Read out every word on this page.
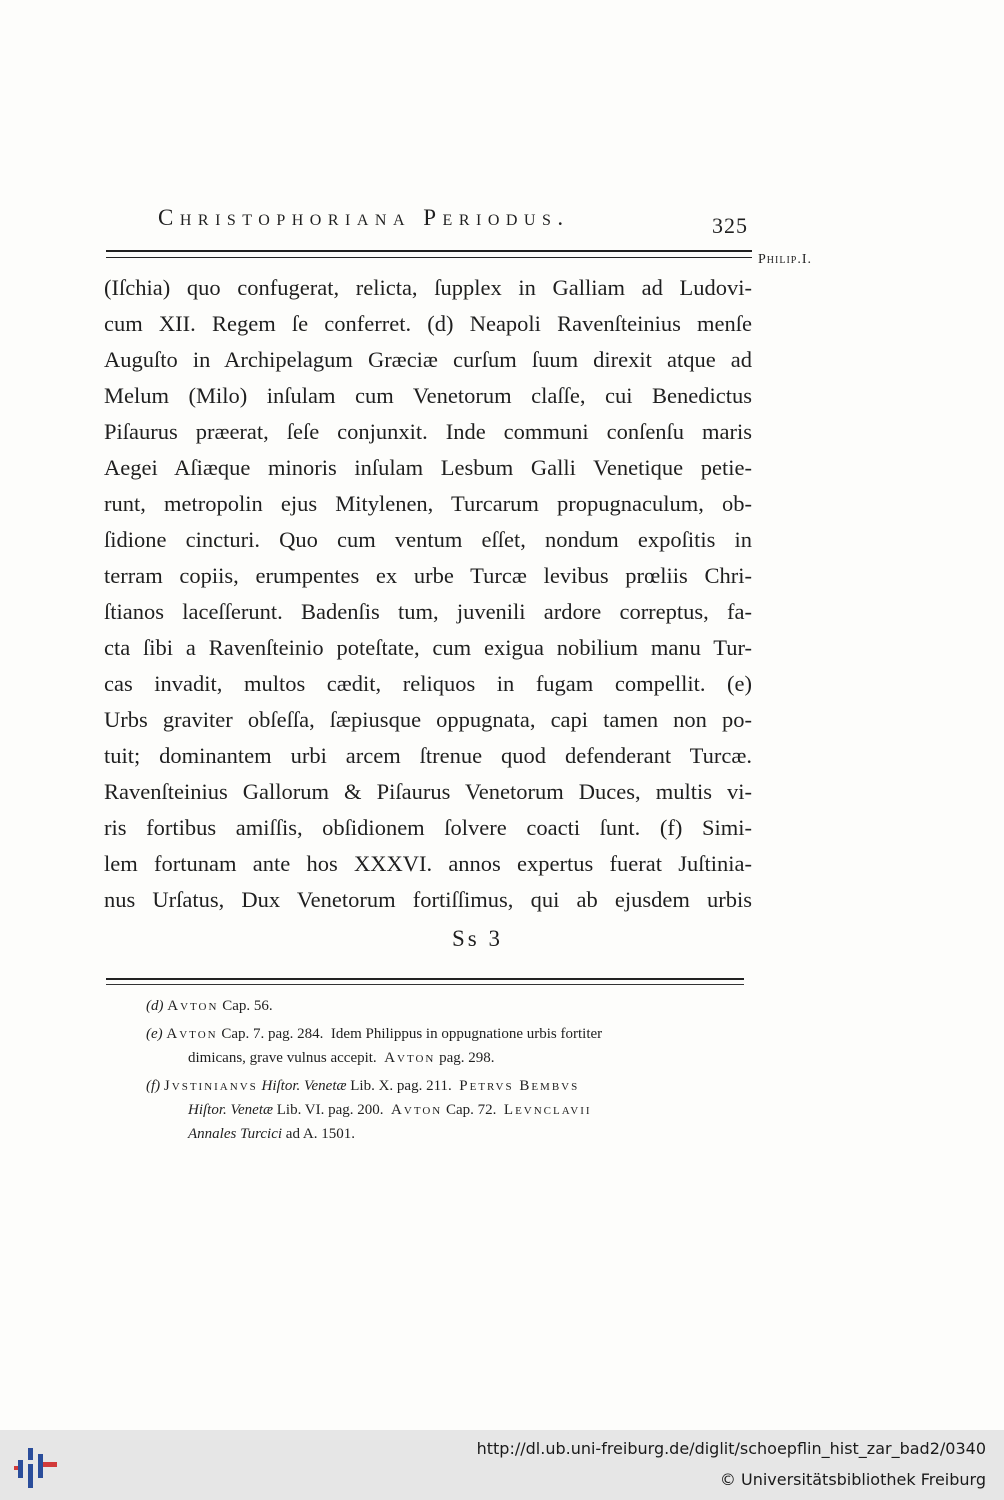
Christophoriana Periodus.	325
Philip.I.
(Iſchia) quo confugerat, relicta, ſupplex in Galliam ad Ludovi-
cum XII. Regem ſe conferret. (d) Neapoli Ravenſteinius menſe
Auguſto in Archipelagum Græciæ curſum ſuum direxit atque ad
Melum (Milo) inſulam cum Venetorum claſſe, cui Benedictus
Piſaurus præerat, ſeſe conjunxit. Inde communi conſenſu maris
Aegei Aſiæque minoris inſulam Lesbum Galli Venetique petie-
runt, metropolin ejus Mitylenen, Turcarum propugnaculum, ob-
ſidione cincturi. Quo cum ventum eſſet, nondum expoſitis in
terram copiis, erumpentes ex urbe Turcæ levibus prœliis Chri-
ſtianos laceſſerunt. Badenſis tum, juvenili ardore correptus, fa-
cta ſibi a Ravenſteinio poteſtate, cum exigua nobilium manu Tur-
cas invadit, multos cædit, reliquos in fugam compellit. (e)
Urbs graviter obſeſſa, ſæpiusque oppugnata, capi tamen non po-
tuit; dominantem urbi arcem ſtrenue quod defenderant Turcæ.
Ravenſteinius Gallorum & Piſaurus Venetorum Duces, multis vi-
ris fortibus amiſſis, obſidionem ſolvere coacti ſunt. (f) Simi-
lem fortunam ante hos XXXVI. annos expertus fuerat Juſtinia-
nus Urſatus, Dux Venetorum fortiſſimus, qui ab ejusdem urbis
Ss 3
(d) Avton Cap. 56.
(e) Avton Cap. 7. pag. 284. Idem Philippus in oppugnatione urbis fortiter
dimicans, grave vulnus accepit. Avton pag. 298.
(f) Jvstinianvs Hiſtor. Venetæ Lib. X. pag. 211. Petrvs Bembvs
Hiſtor. Venetæ Lib. VI. pag. 200. Avton Cap. 72. Levnclavii
Annales Turcici ad A. 1501.
http://dl.ub.uni-freiburg.de/diglit/schoepflin_hist_zar_bad2/0340
© Universitätsbibliothek Freiburg
